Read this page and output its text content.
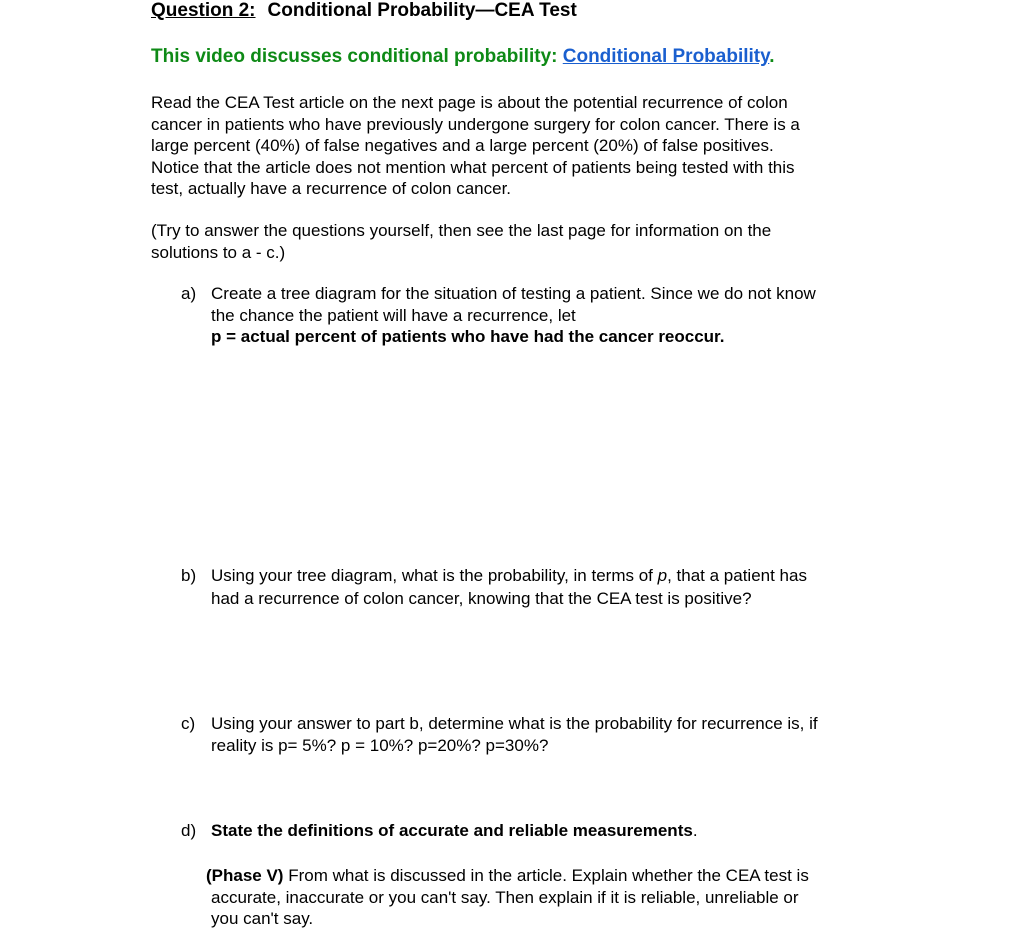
Question 2: Conditional Probability—CEA Test
This video discusses conditional probability: Conditional Probability.

Read the CEA Test article on the next page is about the potential recurrence of colon

cancer in patients who have previously undergone surgery for colon cancer. There is a

large percent (40%) of false negatives and a large percent (20%) of false positives.

Notice that the article does not mention what percent of patients being tested with this

test, actually have a recurrence of colon cancer.

(Try to answer the questions yourself, then see the last page for information on the

solutions to a - c.)

a) Create a tree diagram for the situation of testing a patient. Since we do not know
the chance the patient will have a recurrence, let
p = actual percent of patients who have had the cancer reoccur.
b) Using your tree diagram, what is the probability, in terms of p, that a patient has
had a recurrence of colon cancer, knowing that the CEA test is positive?
c) Using your answer to part b, determine what is the probability for recurrence is, if
reality is p= 5%? p = 10%? p=20%? p=30%?
d) State the definitions of accurate and reliable measurements.
(Phase V) From what is discussed in the article. Explain whether the CEA test is
accurate, inaccurate or you can't say. Then explain if it is reliable, unreliable or
you can't say.
